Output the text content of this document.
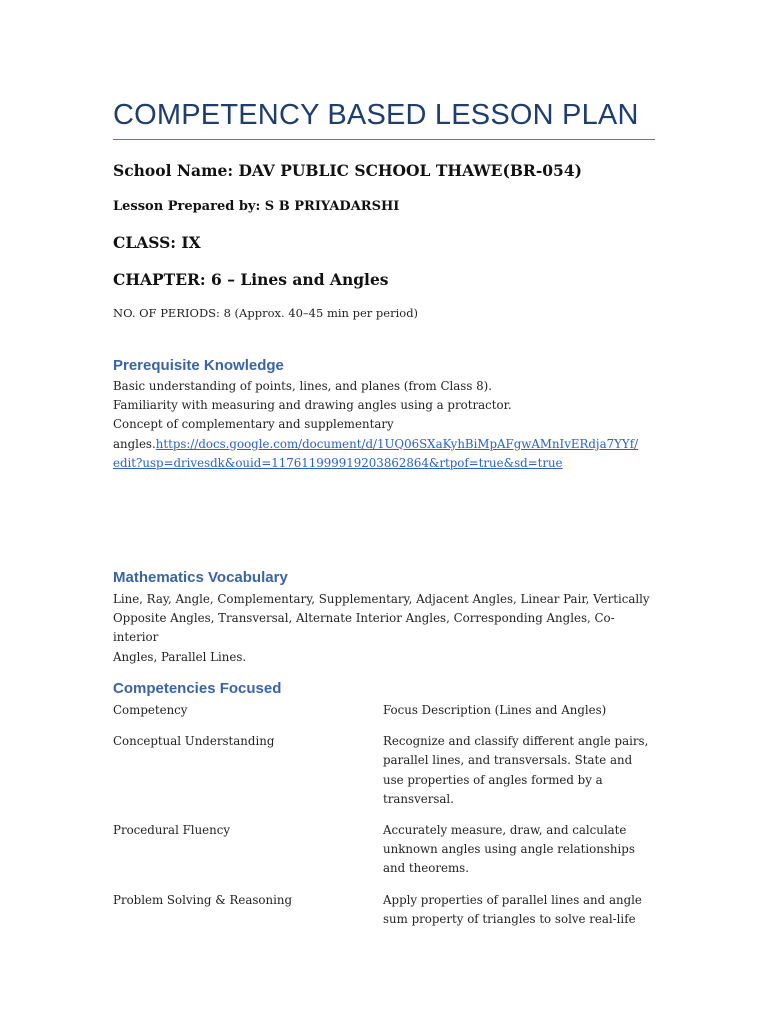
COMPETENCY BASED LESSON PLAN

School Name: DAV PUBLIC SCHOOL THAWE(BR-054)

Lesson Prepared by: S B PRIYADARSHI

CLASS: IX

CHAPTER: 6 – Lines and Angles

NO. OF PERIODS: 8 (Approx. 40–45 min per period)
Prerequisite Knowledge
Basic understanding of points, lines, and planes (from Class 8).
Familiarity with measuring and drawing angles using a protractor.
Concept of complementary and supplementary
angles.https://docs.google.com/document/d/1UQ06SXaKyhBiMpAFgwAMnIvERdja7YYf/
edit?usp=drivesdk&ouid=117611999919203862864&rtpof=true&sd=true
Mathematics Vocabulary
Line, Ray, Angle, Complementary, Supplementary, Adjacent Angles, Linear Pair, Vertically
Opposite Angles, Transversal, Alternate Interior Angles, Corresponding Angles, Co-interior
Angles, Parallel Lines.
Competencies Focused
Competency	Focus Description (Lines and Angles)
Conceptual Understanding	Recognize and classify different angle pairs,
parallel lines, and transversals. State and
use properties of angles formed by a
transversal.

Procedural Fluency	Accurately measure, draw, and calculate
unknown angles using angle relationships
and theorems.

Problem Solving & Reasoning	Apply properties of parallel lines and angle
sum property of triangles to solve real-life
